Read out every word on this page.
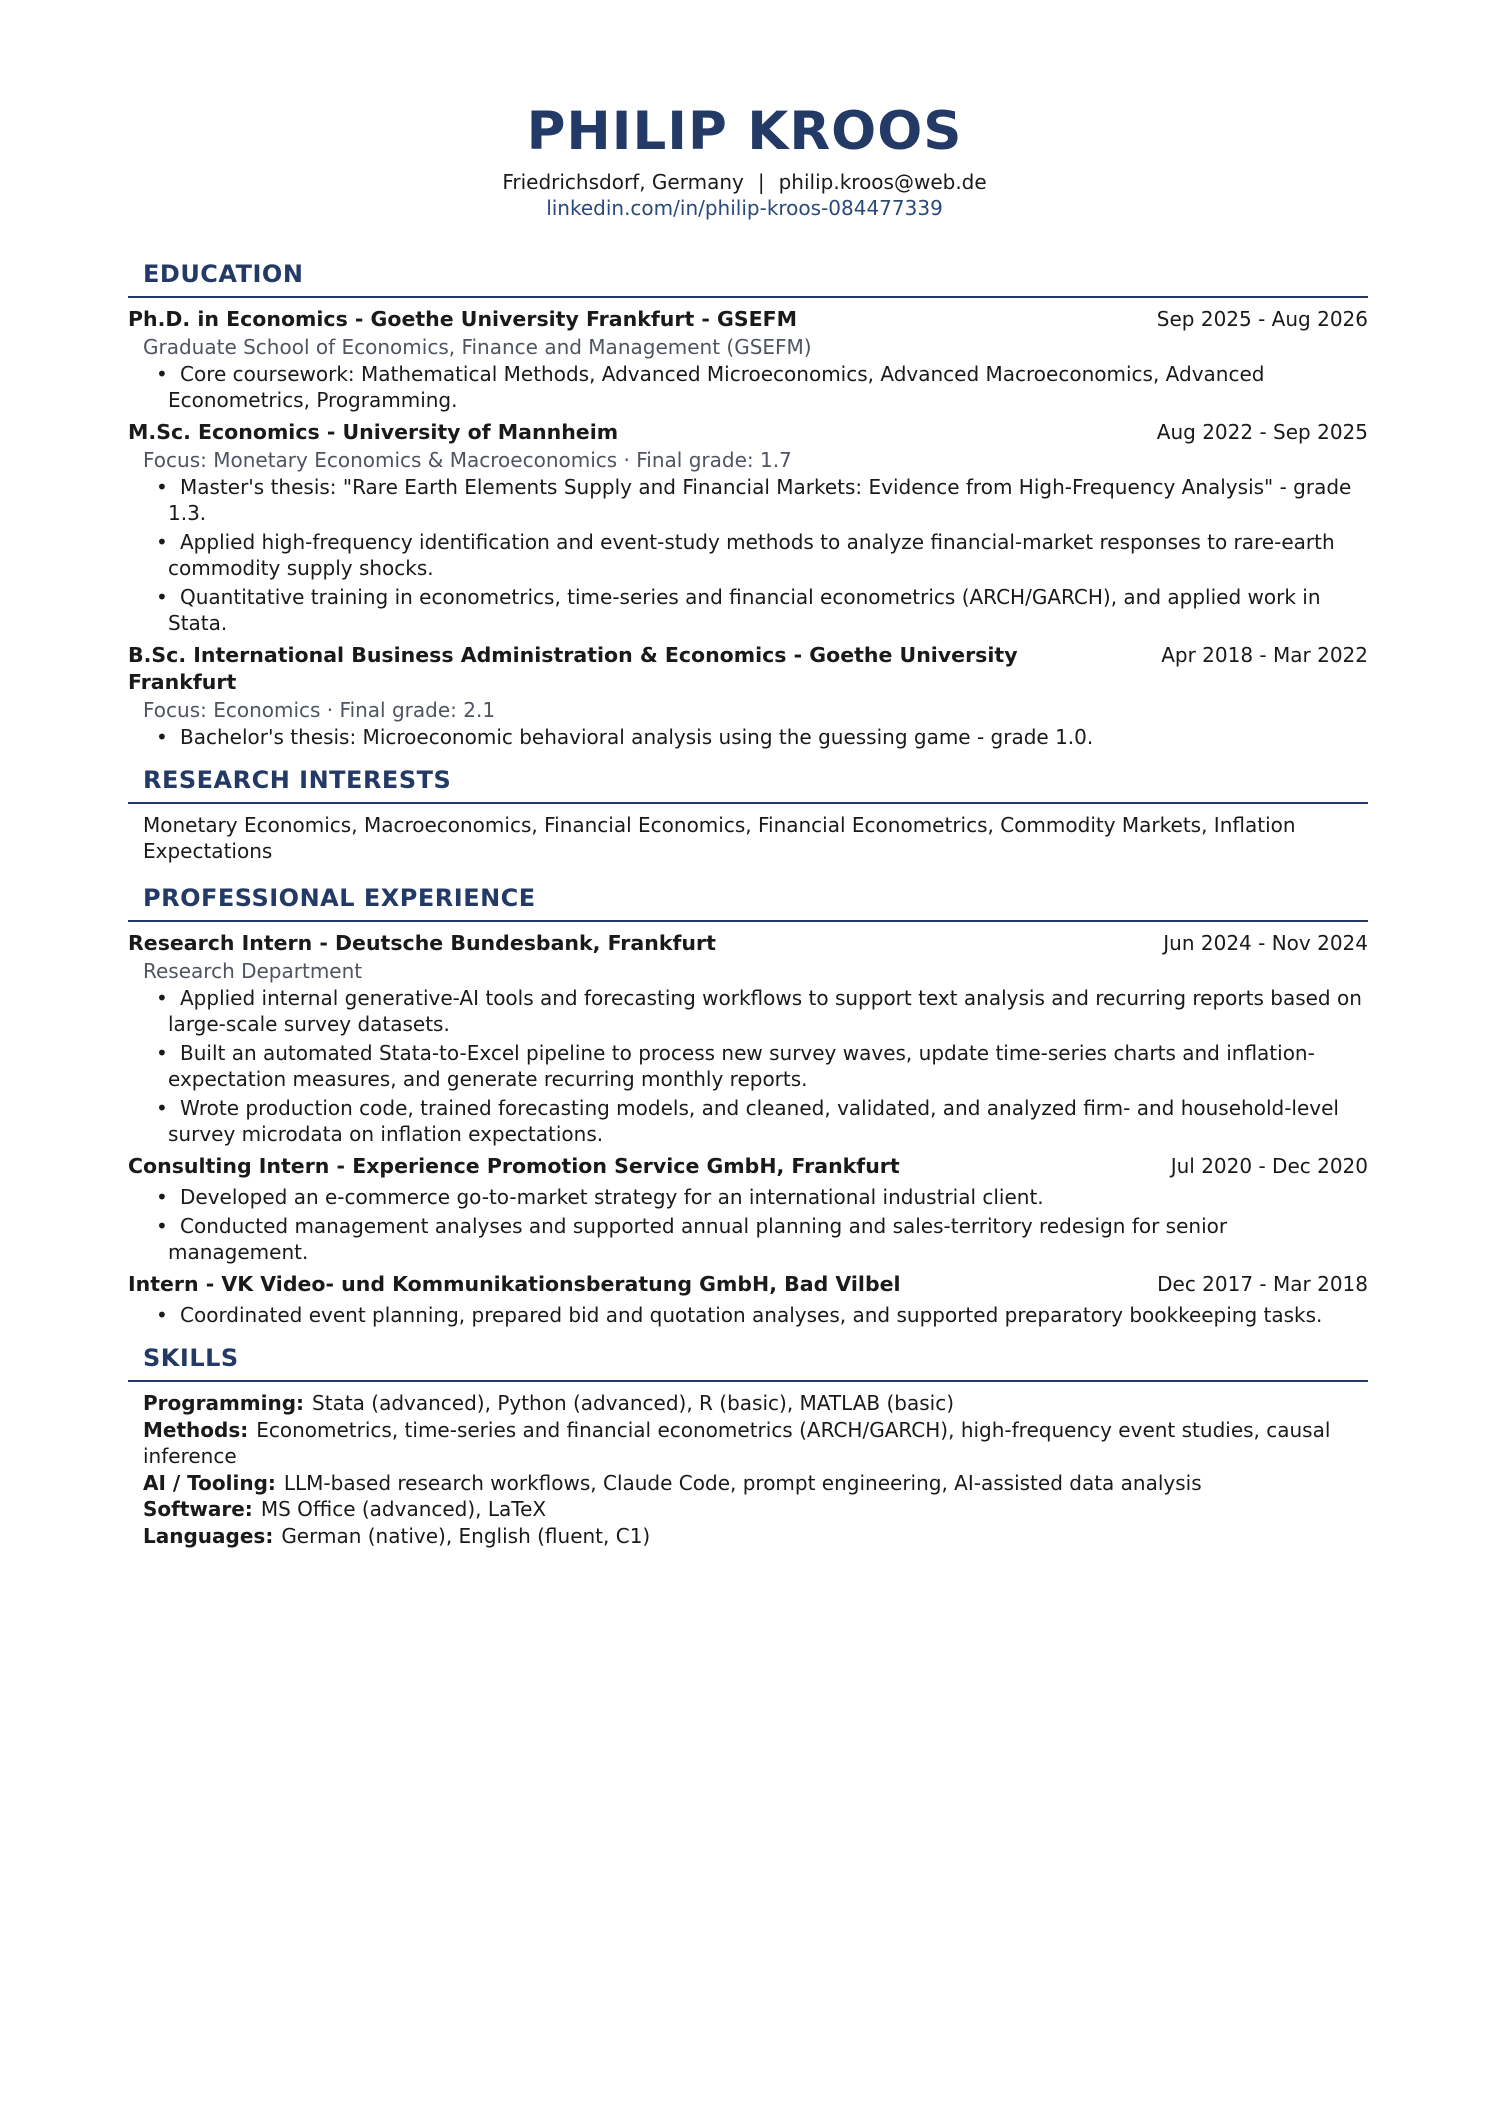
PHILIP KROOS
Friedrichsdorf, Germany | philip.kroos@web.de
linkedin.com/in/philip-kroos-084477339
EDUCATION
Ph.D. in Economics - Goethe University Frankfurt - GSEFM	Sep 2025 - Aug 2026
Graduate School of Economics, Finance and Management (GSEFM)
• Core coursework: Mathematical Methods, Advanced Microeconomics, Advanced Macroeconomics, Advanced Econometrics, Programming.
M.Sc. Economics - University of Mannheim	Aug 2022 - Sep 2025
Focus: Monetary Economics & Macroeconomics · Final grade: 1.7
• Master's thesis: "Rare Earth Elements Supply and Financial Markets: Evidence from High-Frequency Analysis" - grade 1.3.
• Applied high-frequency identification and event-study methods to analyze financial-market responses to rare-earth commodity supply shocks.
• Quantitative training in econometrics, time-series and financial econometrics (ARCH/GARCH), and applied work in Stata.
B.Sc. International Business Administration & Economics - Goethe University Frankfurt
Apr 2018 - Mar 2022
Focus: Economics · Final grade: 2.1
• Bachelor's thesis: Microeconomic behavioral analysis using the guessing game - grade 1.0.
RESEARCH INTERESTS
Monetary Economics, Macroeconomics, Financial Economics, Financial Econometrics, Commodity Markets, Inflation Expectations
PROFESSIONAL EXPERIENCE
Research Intern - Deutsche Bundesbank, Frankfurt	Jun 2024 - Nov 2024
Research Department
• Applied internal generative-AI tools and forecasting workflows to support text analysis and recurring reports based on large-scale survey datasets.
• Built an automated Stata-to-Excel pipeline to process new survey waves, update time-series charts and inflation-expectation measures, and generate recurring monthly reports.
• Wrote production code, trained forecasting models, and cleaned, validated, and analyzed firm- and household-level survey microdata on inflation expectations.
Consulting Intern - Experience Promotion Service GmbH, Frankfurt	Jul 2020 - Dec 2020
• Developed an e-commerce go-to-market strategy for an international industrial client.
• Conducted management analyses and supported annual planning and sales-territory redesign for senior management.
Intern - VK Video- und Kommunikationsberatung GmbH, Bad Vilbel	Dec 2017 - Mar 2018
• Coordinated event planning, prepared bid and quotation analyses, and supported preparatory bookkeeping tasks.
SKILLS
Programming: Stata (advanced), Python (advanced), R (basic), MATLAB (basic)
Methods: Econometrics, time-series and financial econometrics (ARCH/GARCH), high-frequency event studies, causal inference
AI / Tooling: LLM-based research workflows, Claude Code, prompt engineering, AI-assisted data analysis
Software: MS Office (advanced), LaTeX
Languages: German (native), English (fluent, C1)
